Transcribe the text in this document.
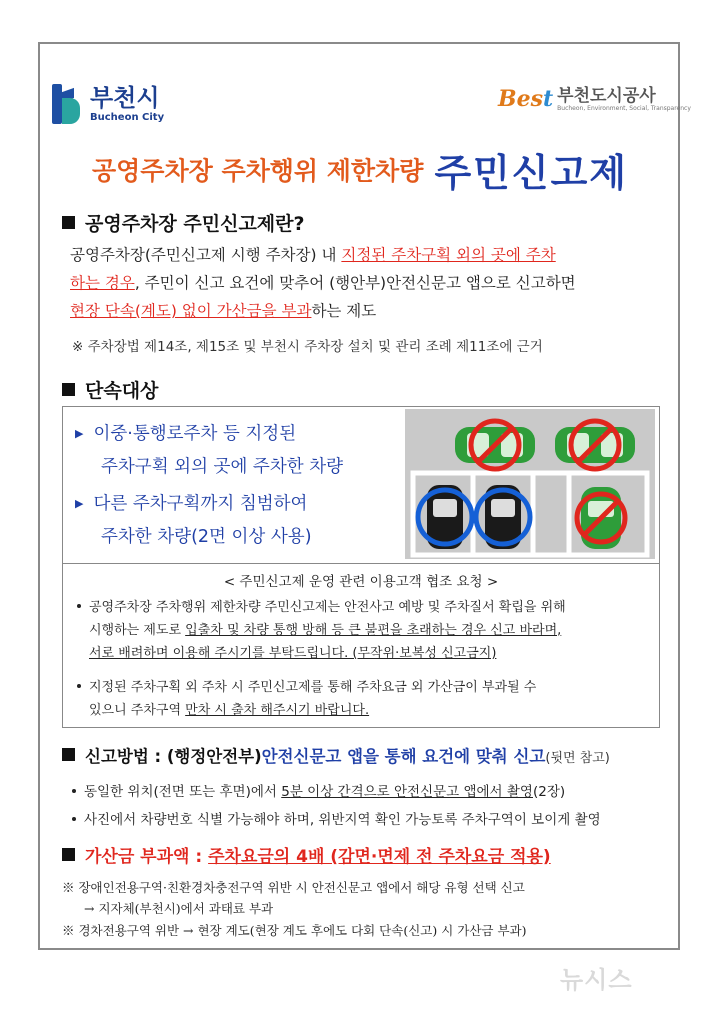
부천시
Bucheon City
Best 부천도시공사
Bucheon, Environment, Social, Transparency
공영주차장 주차행위 제한차량 주민신고제
공영주차장 주민신고제란?
공영주차장(주민신고제 시행 주차장) 내 지정된 주차구획 외의 곳에 주차
하는 경우, 주민이 신고 요건에 맞추어 (행안부)안전신문고 앱으로 신고하면
현장 단속(계도) 없이 가산금을 부과하는 제도
※ 주차장법 제14조, 제15조 및 부천시 주차장 설치 및 관리 조례 제11조에 근거
단속대상
▶ 이중·통행로주차 등 지정된
주차구획 외의 곳에 주차한 차량
▶ 다른 주차구획까지 침범하여
주차한 차량(2면 이상 사용)
< 주민신고제 운영 관련 이용고객 협조 요청 >
공영주차장 주차행위 제한차량 주민신고제는 안전사고 예방 및 주차질서 확립을 위해
시행하는 제도로 입출차 및 차량 통행 방해 등 큰 불편을 초래하는 경우 신고 바라며,
서로 배려하며 이용해 주시기를 부탁드립니다. (무작위·보복성 신고금지)
지정된 주차구획 외 주차 시 주민신고제를 통해 주차요금 외 가산금이 부과될 수
있으니 주차구역 만차 시 출차 해주시기 바랍니다.
신고방법 : (행정안전부)안전신문고 앱을 통해 요건에 맞춰 신고(뒷면 참고)
동일한 위치(전면 또는 후면)에서 5분 이상 간격으로 안전신문고 앱에서 촬영(2장)
사진에서 차량번호 식별 가능해야 하며, 위반지역 확인 가능토록 주차구역이 보이게 촬영
가산금 부과액 : 주차요금의 4배 (감면·면제 전 주차요금 적용)
※ 장애인전용구역·친환경차충전구역 위반 시 안전신문고 앱에서 해당 유형 선택 신고
→ 지자체(부천시)에서 과태료 부과
※ 경차전용구역 위반 → 현장 계도(현장 계도 후에도 다회 단속(신고) 시 가산금 부과)
뉴시스
